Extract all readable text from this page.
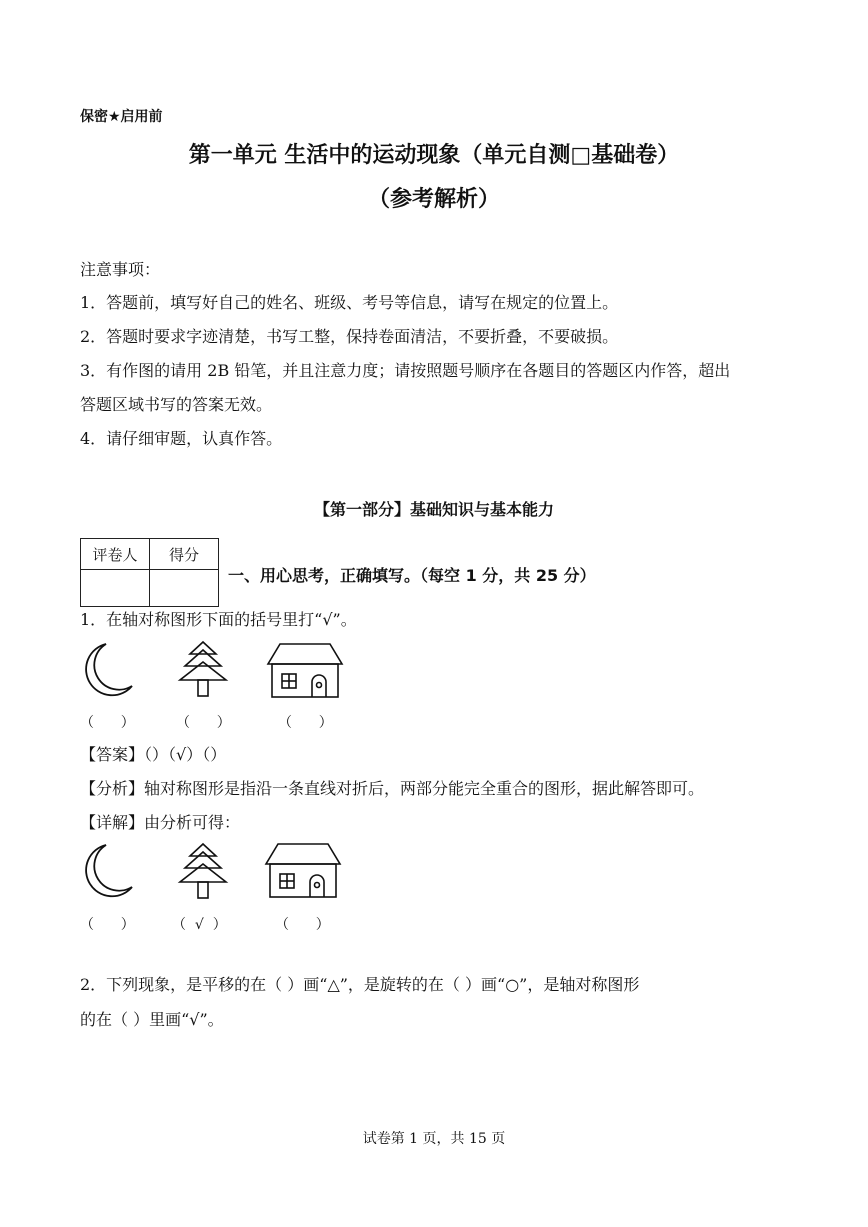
保密★启用前
第一单元 生活中的运动现象（单元自测□基础卷）
（参考解析）
注意事项：
1．答题前，填写好自己的姓名、班级、考号等信息，请写在规定的位置上。
2．答题时要求字迹清楚，书写工整，保持卷面清洁，不要折叠，不要破损。
3．有作图的请用 2B 铅笔，并且注意力度；请按照题号顺序在各题目的答题区内作答，超出
答题区域书写的答案无效。
4．请仔细审题，认真作答。
【第一部分】基础知识与基本能力
评卷人	得分

一、用心思考，正确填写。（每空 1 分，共 25 分）
1．在轴对称图形下面的括号里打“√”。
（      ）	（      ）	（      ）
【答案】（）（√）（）
【分析】轴对称图形是指沿一条直线对折后，两部分能完全重合的图形，据此解答即可。
【详解】由分析可得：
（      ）	（  √  ）	（      ）
2．下列现象，是平移的在（ ）画“△”，是旋转的在（ ）画“○”，是轴对称图形
的在（ ）里画“√”。
试卷第 1 页，共 15 页
